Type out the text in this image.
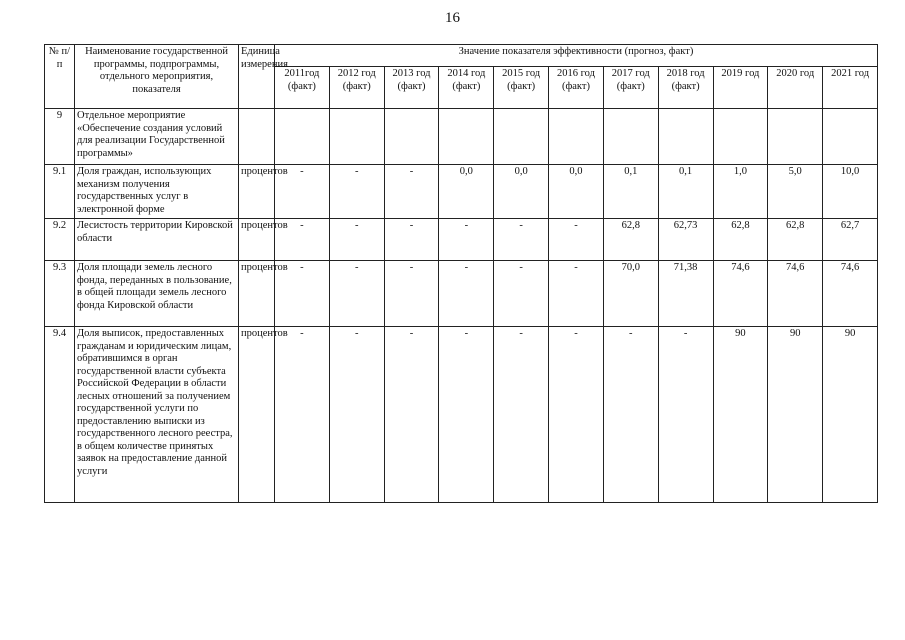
16
№ п/п	Наименование государственной программы, подпрограммы, отдельного мероприятия, показателя	Единица измерения	Значение показателя эффективности (прогноз, факт)										
			2011год (факт)	2012 год (факт)	2013 год (факт)	2014 год (факт)	2015 год (факт)	2016 год (факт)	2017 год (факт)	2018 год (факт)	2019 год	2020 год	2021 год
9	Отдельное мероприятие «Обеспечение создания условий для реализации Государственной программы»												
9.1	Доля граждан, использующих механизм получения государственных услуг в электронной форме	процентов	-	-	-	0,0	0,0	0,0	0,1	0,1	1,0	5,0	10,0
9.2	Лесистость территории Кировской области	процентов	-	-	-	-	-	-	62,8	62,73	62,8	62,8	62,7
9.3	Доля площади земель лесного фонда, переданных в пользование, в общей площади земель лесного фонда Кировской области	процентов	-	-	-	-	-	-	70,0	71,38	74,6	74,6	74,6
9.4	Доля выписок, предоставленных гражданам и юридическим лицам, обратившимся в орган государственной власти субъекта Российской Федерации в области лесных отношений за получением государственной услуги по предоставлению выписки из государственного лесного реестра, в общем количестве принятых заявок на предоставление данной услуги	процентов	-	-	-	-	-	-	-	-	90	90	90
